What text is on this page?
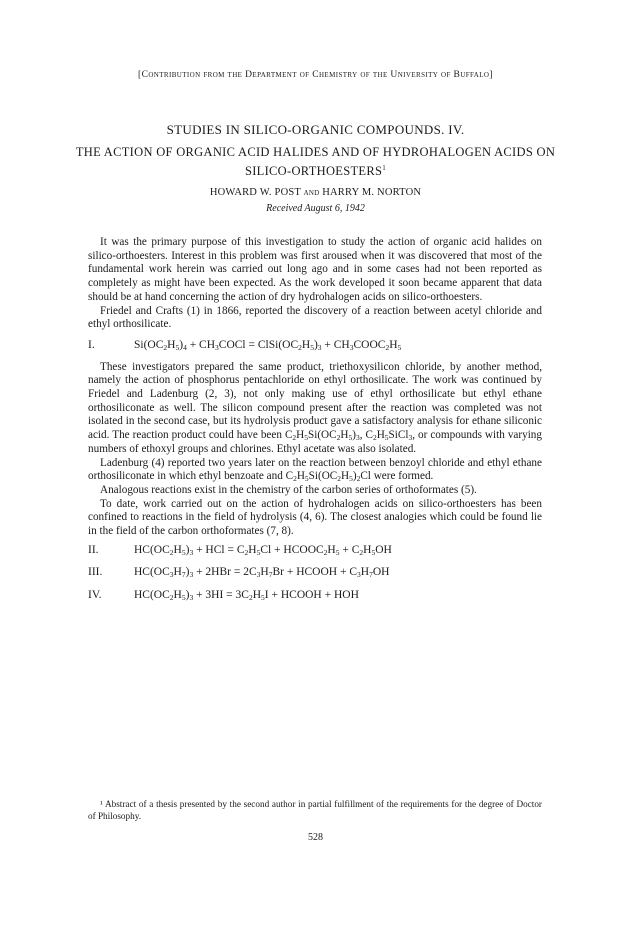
[Contribution from the Department of Chemistry of the University of Buffalo]
STUDIES IN SILICO-ORGANIC COMPOUNDS. IV.
THE ACTION OF ORGANIC ACID HALIDES AND OF HYDROHALOGEN ACIDS ON SILICO-ORTHOESTERS$^1$
HOWARD W. POST and HARRY M. NORTON
Received August 6, 1942

It was the primary purpose of this investigation to study the action of organic acid halides on silico-orthoesters. Interest in this problem was first aroused when it was discovered that most of the fundamental work herein was carried out long ago and in some cases had not been reported as completely as might have been expected. As the work developed it soon became apparent that data should be at hand concerning the action of dry hydrohalogen acids on silico-orthoesters.

Friedel and Crafts (1) in 1866, reported the discovery of a reaction between acetyl chloride and ethyl orthosilicate.

I.	$Si(OC_2H_5)_4$ + $CH_3COCl$ = $ClSi(OC_2H_5)_3$ + $CH_3COOC_2H_5$

These investigators prepared the same product, triethoxysilicon chloride, by another method, namely the action of phosphorus pentachloride on ethyl orthosilicate. The work was continued by Friedel and Ladenburg (2, 3), not only making use of ethyl orthosilicate but ethyl ethane orthosiliconate as well. The silicon compound present after the reaction was completed was not isolated in the second case, but its hydrolysis product gave a satisfactory analysis for ethane siliconic acid. The reaction product could have been $C_2H_5Si(OC_2H_5)_3$, $C_2H_5SiCl_3$, or compounds with varying numbers of ethoxyl groups and chlorines. Ethyl acetate was also isolated.

Ladenburg (4) reported two years later on the reaction between benzoyl chloride and ethyl ethane orthosiliconate in which ethyl benzoate and $C_2H_5Si(OC_2H_5)_2Cl$ were formed.

Analogous reactions exist in the chemistry of the carbon series of orthoformates (5).

To date, work carried out on the action of hydrohalogen acids on silico-orthoesters has been confined to reactions in the field of hydrolysis (4, 6). The closest analogies which could be found lie in the field of the carbon orthoformates (7, 8).

II.	$HC(OC_2H_5)_3$ + HCl = $C_2H_5Cl$ + $HCOOC_2H_5 + C_2H_5OH$
III.	$HC(OC_3H_7)_3 + 2HBr = 2C_3H_7Br$ + HCOOH + $C_3H_7OH$
IV.	$HC(OC_2H_5)_3 + 3HI = 3C_2H_5I$ + HCOOH + HOH
¹ Abstract of a thesis presented by the second author in partial fulfillment of the requirements for the degree of Doctor of Philosophy.
528
